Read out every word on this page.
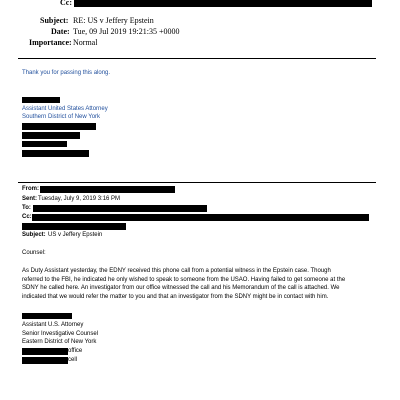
Cc:
Subject: RE: US v Jeffery Epstein
Date: Tue, 09 Jul 2019 19:21:35 +0000
Importance: Normal
Thank you for passing this along.
Assistant United States Attorney
Southern District of New York
From:
Sent: Tuesday, July 9, 2019 3:16 PM
To:
Cc:
Subject: US v Jeffery Epstein
Counsel:
As Duty Assistant yesterday, the EDNY received this phone call from a potential witness in the Epstein case. Though
referred to the FBI, he indicated he only wished to speak to someone from the USAO. Having failed to get someone at the
SDNY he called here. An investigator from our office witnessed the call and his Memorandum of the call is attached. We
indicated that we would refer the matter to you and that an investigator from the SDNY might be in contact with him.
Assistant U.S. Attorney
Senior Investigative Counsel
Eastern District of New York
office
cell
